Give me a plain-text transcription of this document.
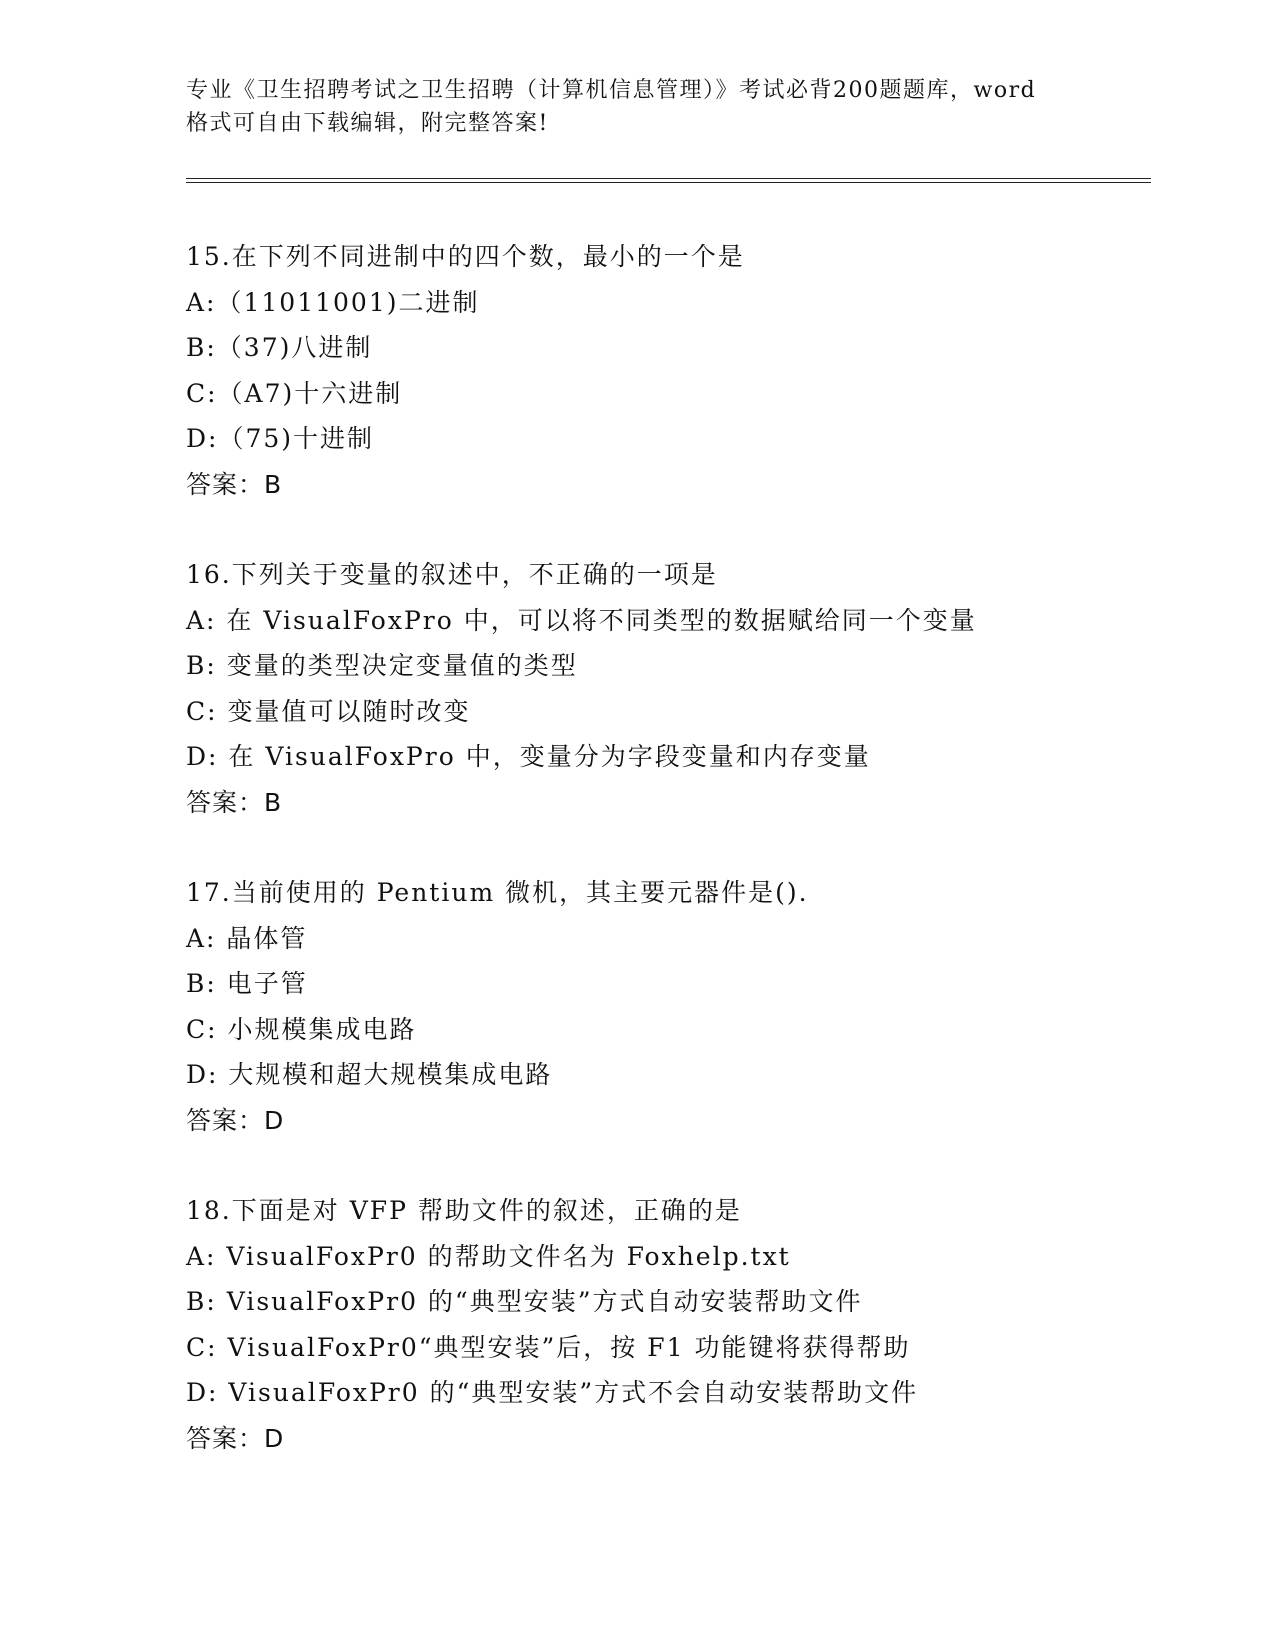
专业《卫生招聘考试之卫生招聘（计算机信息管理）》考试必背200题题库，word
格式可自由下载编辑，附完整答案!
15.在下列不同进制中的四个数，最小的一个是
A:（11011001)二进制
B:（37)八进制
C:（A7)十六进制
D:（75)十进制
答案：B
16.下列关于变量的叙述中，不正确的一项是
A: 在 VisualFoxPro 中，可以将不同类型的数据赋给同一个变量
B: 变量的类型决定变量值的类型
C: 变量值可以随时改变
D: 在 VisualFoxPro 中，变量分为字段变量和内存变量
答案：B
17.当前使用的 Pentium 微机，其主要元器件是().
A: 晶体管
B: 电子管
C: 小规模集成电路
D: 大规模和超大规模集成电路
答案：D
18.下面是对 VFP 帮助文件的叙述，正确的是
A: VisualFoxPr0 的帮助文件名为 Foxhelp.txt
B: VisualFoxPr0 的“典型安装”方式自动安装帮助文件
C: VisualFoxPr0“典型安装”后，按 F1 功能键将获得帮助
D: VisualFoxPr0 的“典型安装”方式不会自动安装帮助文件
答案：D
